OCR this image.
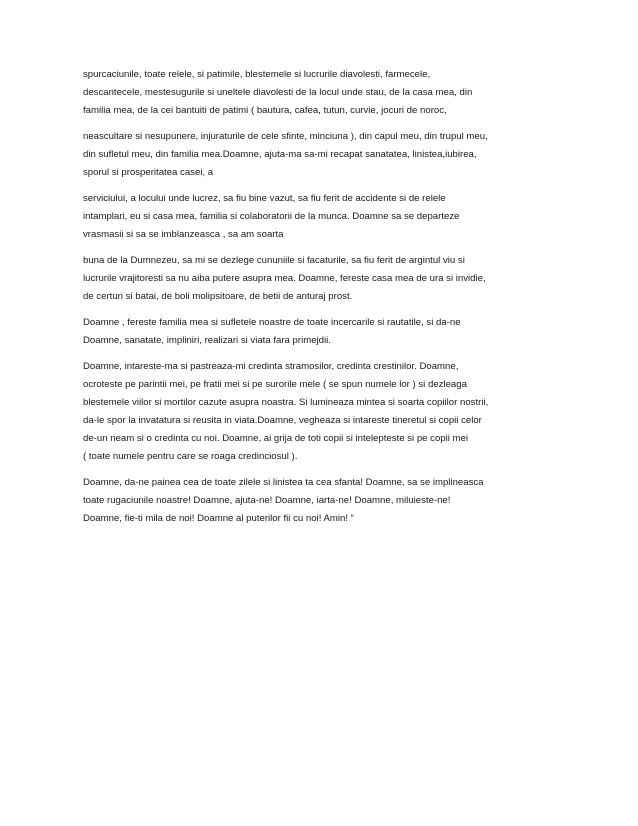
spurcaciunile, toate relele, si patimile, blestemele si lucrurile diavolesti, farmecele,
descantecele, mestesugurile si uneltele diavolesti de la locul unde stau, de la casa mea, din
familia mea, de la cei bantuiti de patimi ( bautura, cafea, tutun, curvie, jocuri de noroc,

neascultare si nesupunere, injuraturile de cele sfinte, minciuna ), din capul meu, din trupul meu,
din sufletul meu, din familia mea.Doamne, ajuta-ma sa-mi recapat sanatatea, linistea,iubirea,
sporul si prosperitatea casei, a

serviciului, a locului unde lucrez, sa fiu bine vazut, sa fiu ferit de accidente si de relele
intamplari, eu si casa mea, familia si colaboratorii de la munca. Doamne sa se departeze
vrasmasii si sa se imblanzeasca , sa am soarta

buna de la Dumnezeu, sa mi se dezlege cununiile si facaturile, sa fiu ferit de argintul viu si
lucrurile vrajitoresti sa nu aiba putere asupra mea. Doamne, fereste casa mea de ura si invidie,
de certuri si batai, de boli molipsitoare, de betii de anturaj prost.

Doamne , fereste familia mea si sufletele noastre de toate incercarile si rautatile, si da-ne
Doamne, sanatate, impliniri, realizari si viata fara primejdii.

Doamne, intareste-ma si pastreaza-mi credinta stramosilor, credinta crestinilor. Doamne,
ocroteste pe parintii mei, pe fratii mei si pe surorile mele ( se spun numele lor ) si dezleaga
blestemele viilor si mortilor cazute asupra noastra. Si lumineaza mintea si soarta copiilor nostrii,
da-le spor la invatatura si reusita in viata.Doamne, vegheaza si intareste tineretul si copii celor
de-un neam si o credinta cu noi. Doamne, ai grija de toti copii si intelepteste si pe copii mei
( toate numele pentru care se roaga credinciosul ).

Doamne, da-ne painea cea de toate zilele si linistea ta cea sfanta! Doamne, sa se implineasca
toate rugaciunile noastre! Doamne, ajuta-ne! Doamne, iarta-ne! Doamne, miluieste-ne!
Doamne, fie-ti mila de noi! Doamne al puterilor fii cu noi! Amin! “
